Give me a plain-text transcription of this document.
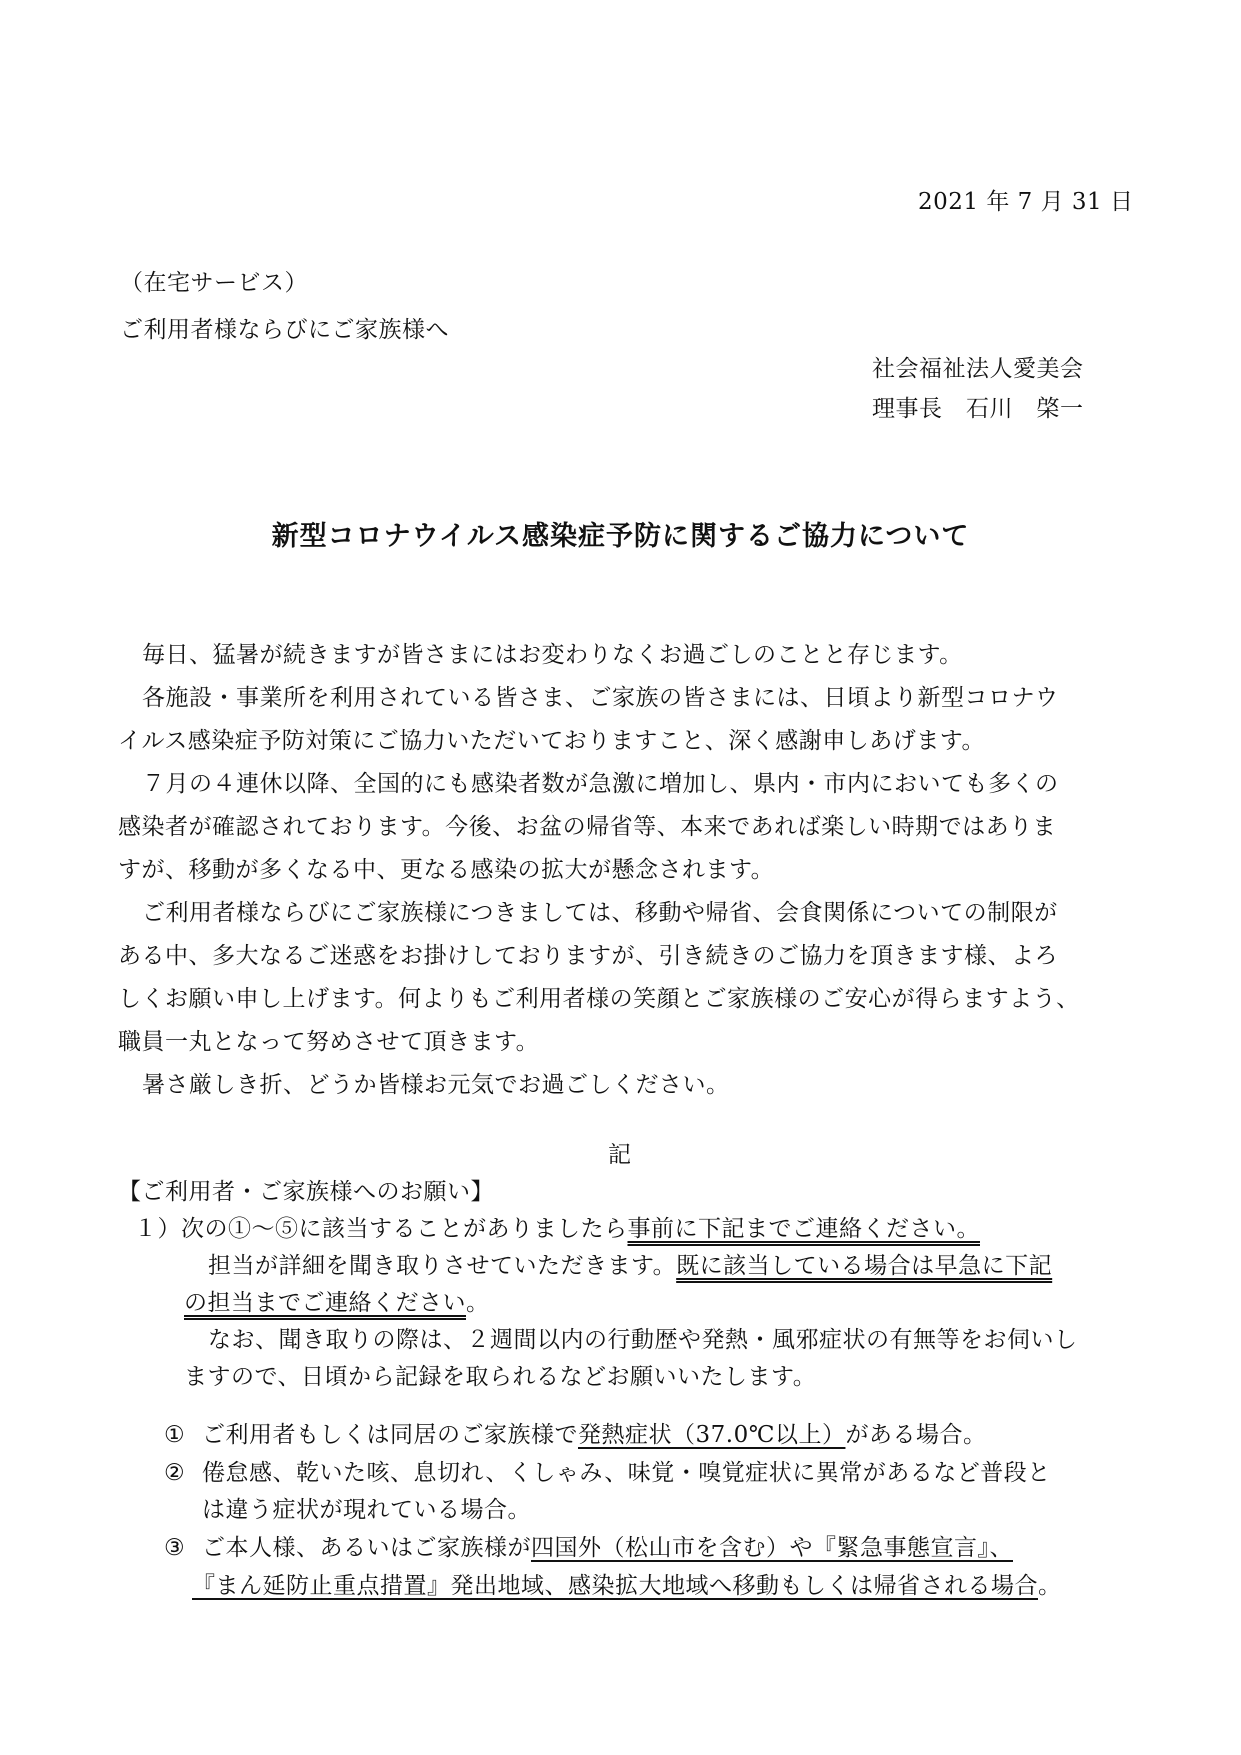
2021 年 7 月 31 日
（在宅サービス）
ご利用者様ならびにご家族様へ
社会福祉法人愛美会
理事長　石川　棨一
新型コロナウイルス感染症予防に関するご協力について
毎日、猛暑が続きますが皆さまにはお変わりなくお過ごしのことと存じます。
各施設・事業所を利用されている皆さま、ご家族の皆さまには、日頃より新型コロナウ
イルス感染症予防対策にご協力いただいておりますこと、深く感謝申しあげます。
７月の４連休以降、全国的にも感染者数が急激に増加し、県内・市内においても多くの
感染者が確認されております。今後、お盆の帰省等、本来であれば楽しい時期ではありま
すが、移動が多くなる中、更なる感染の拡大が懸念されます。
ご利用者様ならびにご家族様につきましては、移動や帰省、会食関係についての制限が
ある中、多大なるご迷惑をお掛けしておりますが、引き続きのご協力を頂きます様、よろ
しくお願い申し上げます。何よりもご利用者様の笑顔とご家族様のご安心が得らますよう、
職員一丸となって努めさせて頂きます。
暑さ厳しき折、どうか皆様お元気でお過ごしください。
記
【ご利用者・ご家族様へのお願い】
１）次の①～⑤に該当することがありましたら事前に下記までご連絡ください。
担当が詳細を聞き取りさせていただきます。既に該当している場合は早急に下記
の担当までご連絡ください。
なお、聞き取りの際は、２週間以内の行動歴や発熱・風邪症状の有無等をお伺いし
ますので、日頃から記録を取られるなどお願いいたします。
① ご利用者もしくは同居のご家族様で発熱症状（37.0℃以上）がある場合。
② 倦怠感、乾いた咳、息切れ、くしゃみ、味覚・嗅覚症状に異常があるなど普段と
は違う症状が現れている場合。
③ ご本人様、あるいはご家族様が四国外（松山市を含む）や『緊急事態宣言』、
『まん延防止重点措置』発出地域、感染拡大地域へ移動もしくは帰省される場合。
